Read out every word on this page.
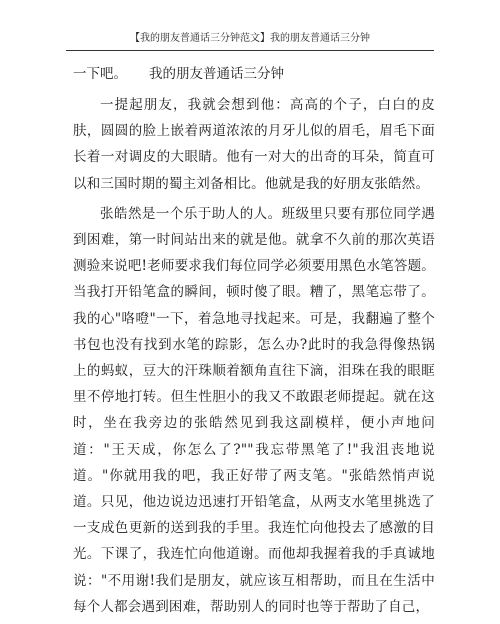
【我的朋友普通话三分钟范文】我的朋友普通话三分钟
一下吧。 我的朋友普通话三分钟

一提起朋友，我就会想到他：高高的个子，白白的皮肤，圆圆的脸上嵌着两道浓浓的月牙儿似的眉毛，眉毛下面长着一对调皮的大眼睛。他有一对大的出奇的耳朵，简直可以和三国时期的蜀主刘备相比。他就是我的好朋友张皓然。

张皓然是一个乐于助人的人。班级里只要有那位同学遇到困难，第一时间站出来的就是他。就拿不久前的那次英语测验来说吧!老师要求我们每位同学必须要用黑色水笔答题。当我打开铅笔盒的瞬间，顿时傻了眼。糟了，黑笔忘带了。我的心"咯噔"一下，着急地寻找起来。可是，我翻遍了整个书包也没有找到水笔的踪影，怎么办?此时的我急得像热锅上的蚂蚁，豆大的汗珠顺着额角直往下滴，泪珠在我的眼眶里不停地打转。但生性胆小的我又不敢跟老师提起。就在这时，坐在我旁边的张皓然见到我这副模样，便小声地问道："王天成，你怎么了?""我忘带黑笔了!"我沮丧地说道。"你就用我的吧，我正好带了两支笔。"张皓然悄声说道。只见，他边说边迅速打开铅笔盒，从两支水笔里挑选了一支成色更新的送到我的手里。我连忙向他投去了感激的目光。下课了，我连忙向他道谢。而他却我握着我的手真诚地说："不用谢!我们是朋友，就应该互相帮助，而且在生活中每个人都会遇到困难，帮助别人的同时也等于帮助了自己，
